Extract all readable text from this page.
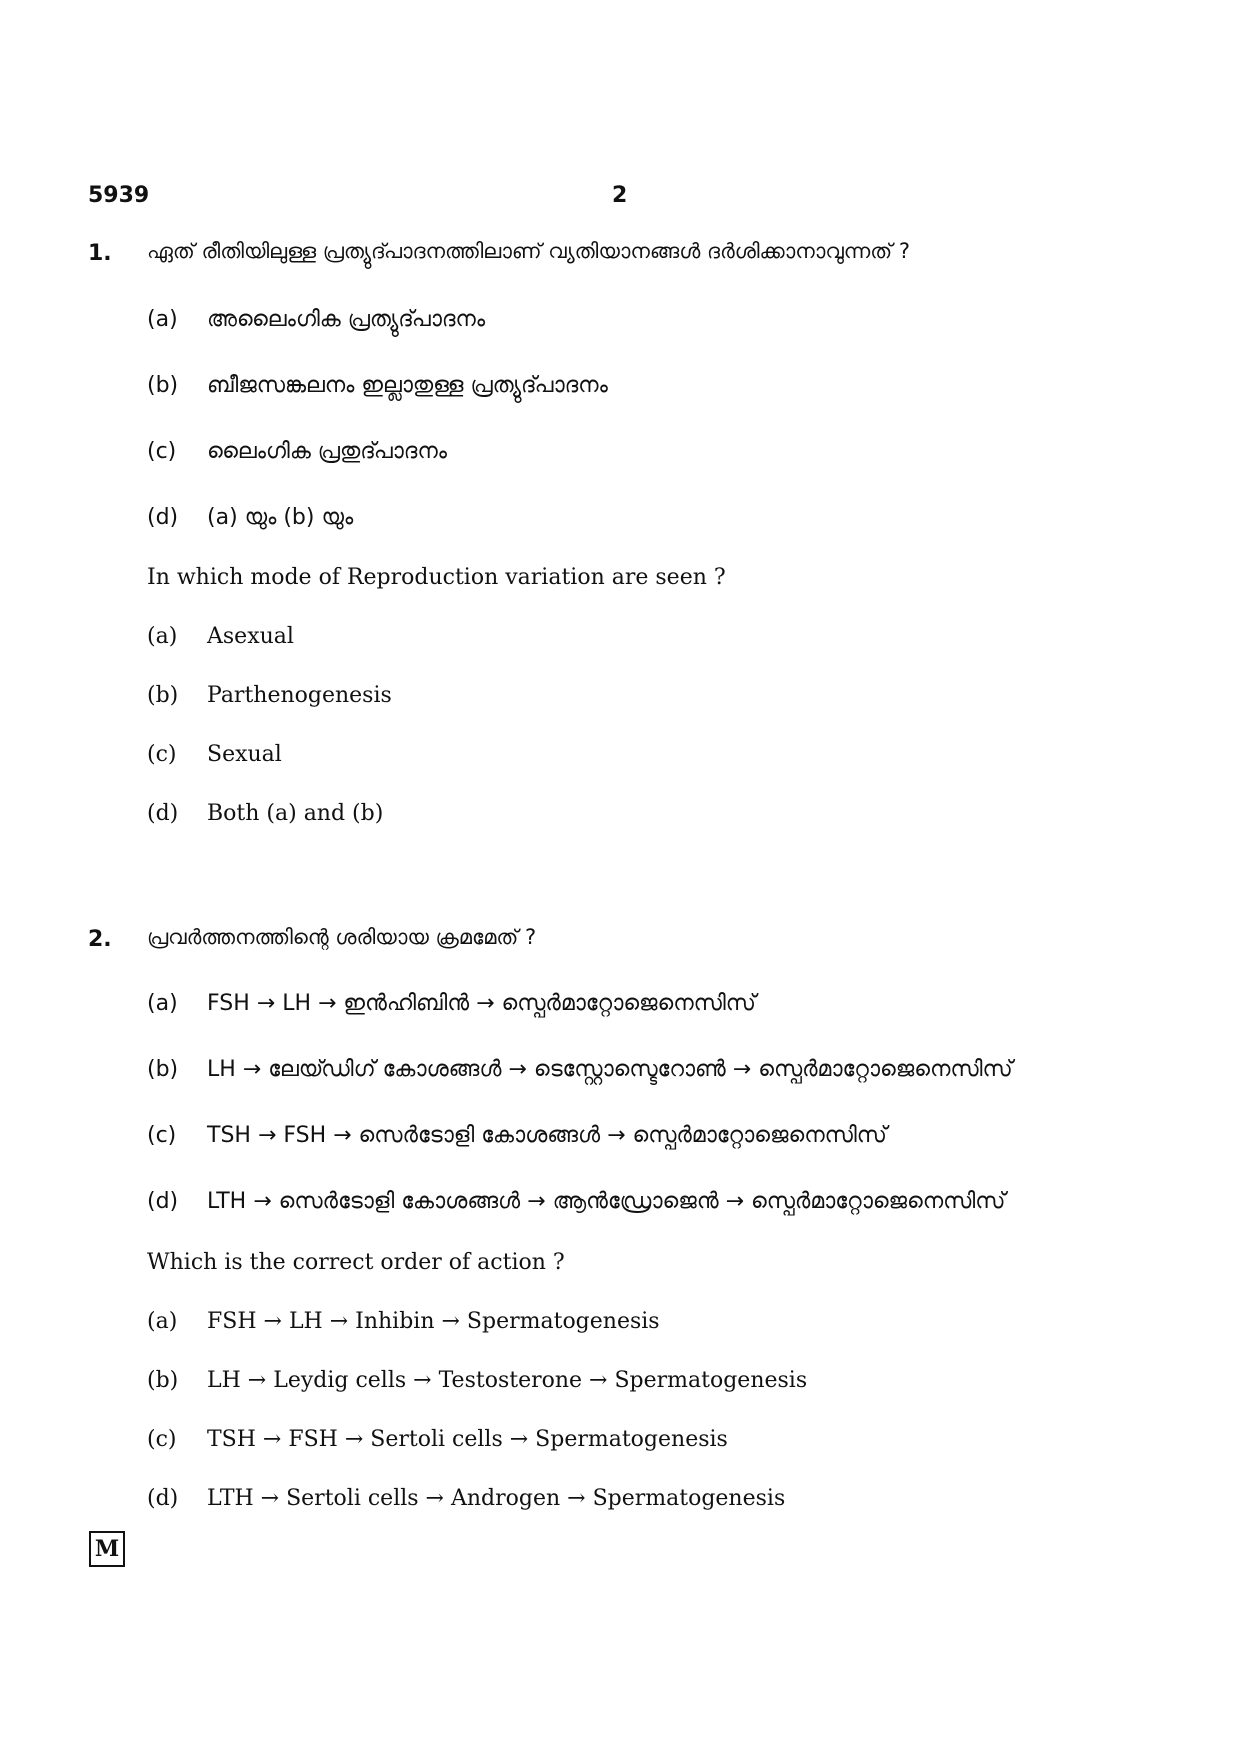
5939	2
1. ഏത് രീതിയിലുള്ള പ്രത്യുദ്പാദനത്തിലാണ് വ്യതിയാനങ്ങൾ ദർശിക്കാനാവുന്നത് ?
(a) അലൈംഗിക പ്രത്യുദ്പാദനം
(b) ബീജസങ്കലനം ഇല്ലാതുള്ള പ്രത്യുദ്പാദനം
(c) ലൈംഗിക പ്രതുദ്പാദനം
(d) (a) യും (b) യും
In which mode of Reproduction variation are seen ?
(a) Asexual
(b) Parthenogenesis
(c) Sexual
(d) Both (a) and (b)
2. പ്രവർത്തനത്തിന്റെ ശരിയായ ക്രമമേത് ?
(a) FSH → LH → ഇൻഹിബിൻ → സ്പെർമാറ്റോജെനെസിസ്
(b) LH → ലേയ്ഡിഗ് കോശങ്ങൾ → ടെസ്റ്റോസ്ടെറോൺ → സ്പെർമാറ്റോജെനെസിസ്
(c) TSH → FSH → സെർടോളി കോശങ്ങൾ → സ്പെർമാറ്റോജെനെസിസ്
(d) LTH → സെർടോളി കോശങ്ങൾ → ആൻഡ്രോജെൻ → സ്പെർമാറ്റോജെനെസിസ്
Which is the correct order of action ?
(a) FSH → LH → Inhibin → Spermatogenesis
(b) LH → Leydig cells → Testosterone → Spermatogenesis
(c) TSH → FSH → Sertoli cells → Spermatogenesis
(d) LTH → Sertoli cells → Androgen → Spermatogenesis
M
